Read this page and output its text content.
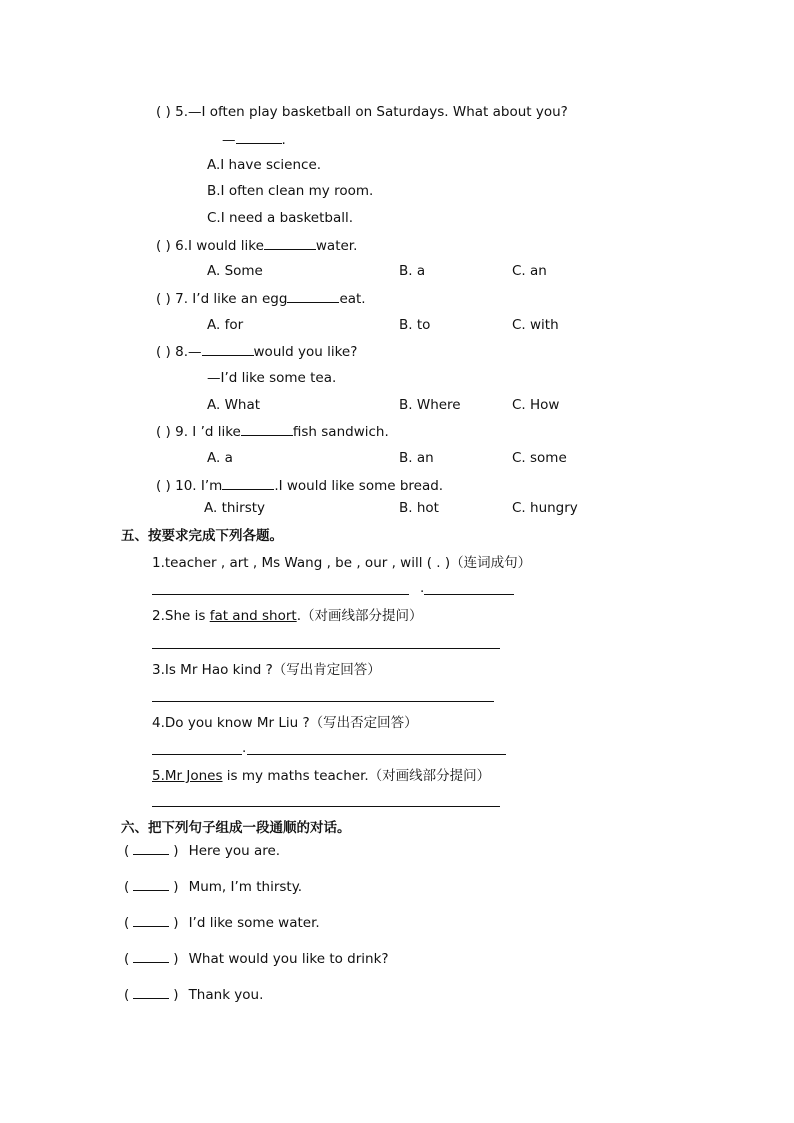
( ) 5.—I often play basketball on Saturdays. What about you?
—	.
A.I have science.
B.I often clean my room.
C.I need a basketball.
( ) 6.I would like	water.
A. Some	B. a	C. an
( ) 7. I’d like an egg	eat.
A. for	B. to	C. with
( ) 8.—	would you like?
—I’d like some tea.
A. What	B. Where	C. How
( ) 9. I ’d like	fish sandwich.
A. a	B. an	C. some
( ) 10. I’m	.I would like some bread.
A. thirsty	B. hot	C. hungry
五、按要求完成下列各题。
1.teacher , art , Ms Wang , be , our , will ( . )（连词成句）
.
2.She is fat and short.（对画线部分提问）
3.Is Mr Hao kind ?（写出肯定回答）
4.Do you know Mr Liu ?（写出否定回答）
.
5.Mr Jones is my maths teacher.（对画线部分提问）
六、把下列句子组成一段通顺的对话。
(	) Here you are.
(	) Mum, I’m thirsty.
(	) I’d like some water.
(	) What would you like to drink?
(	) Thank you.
